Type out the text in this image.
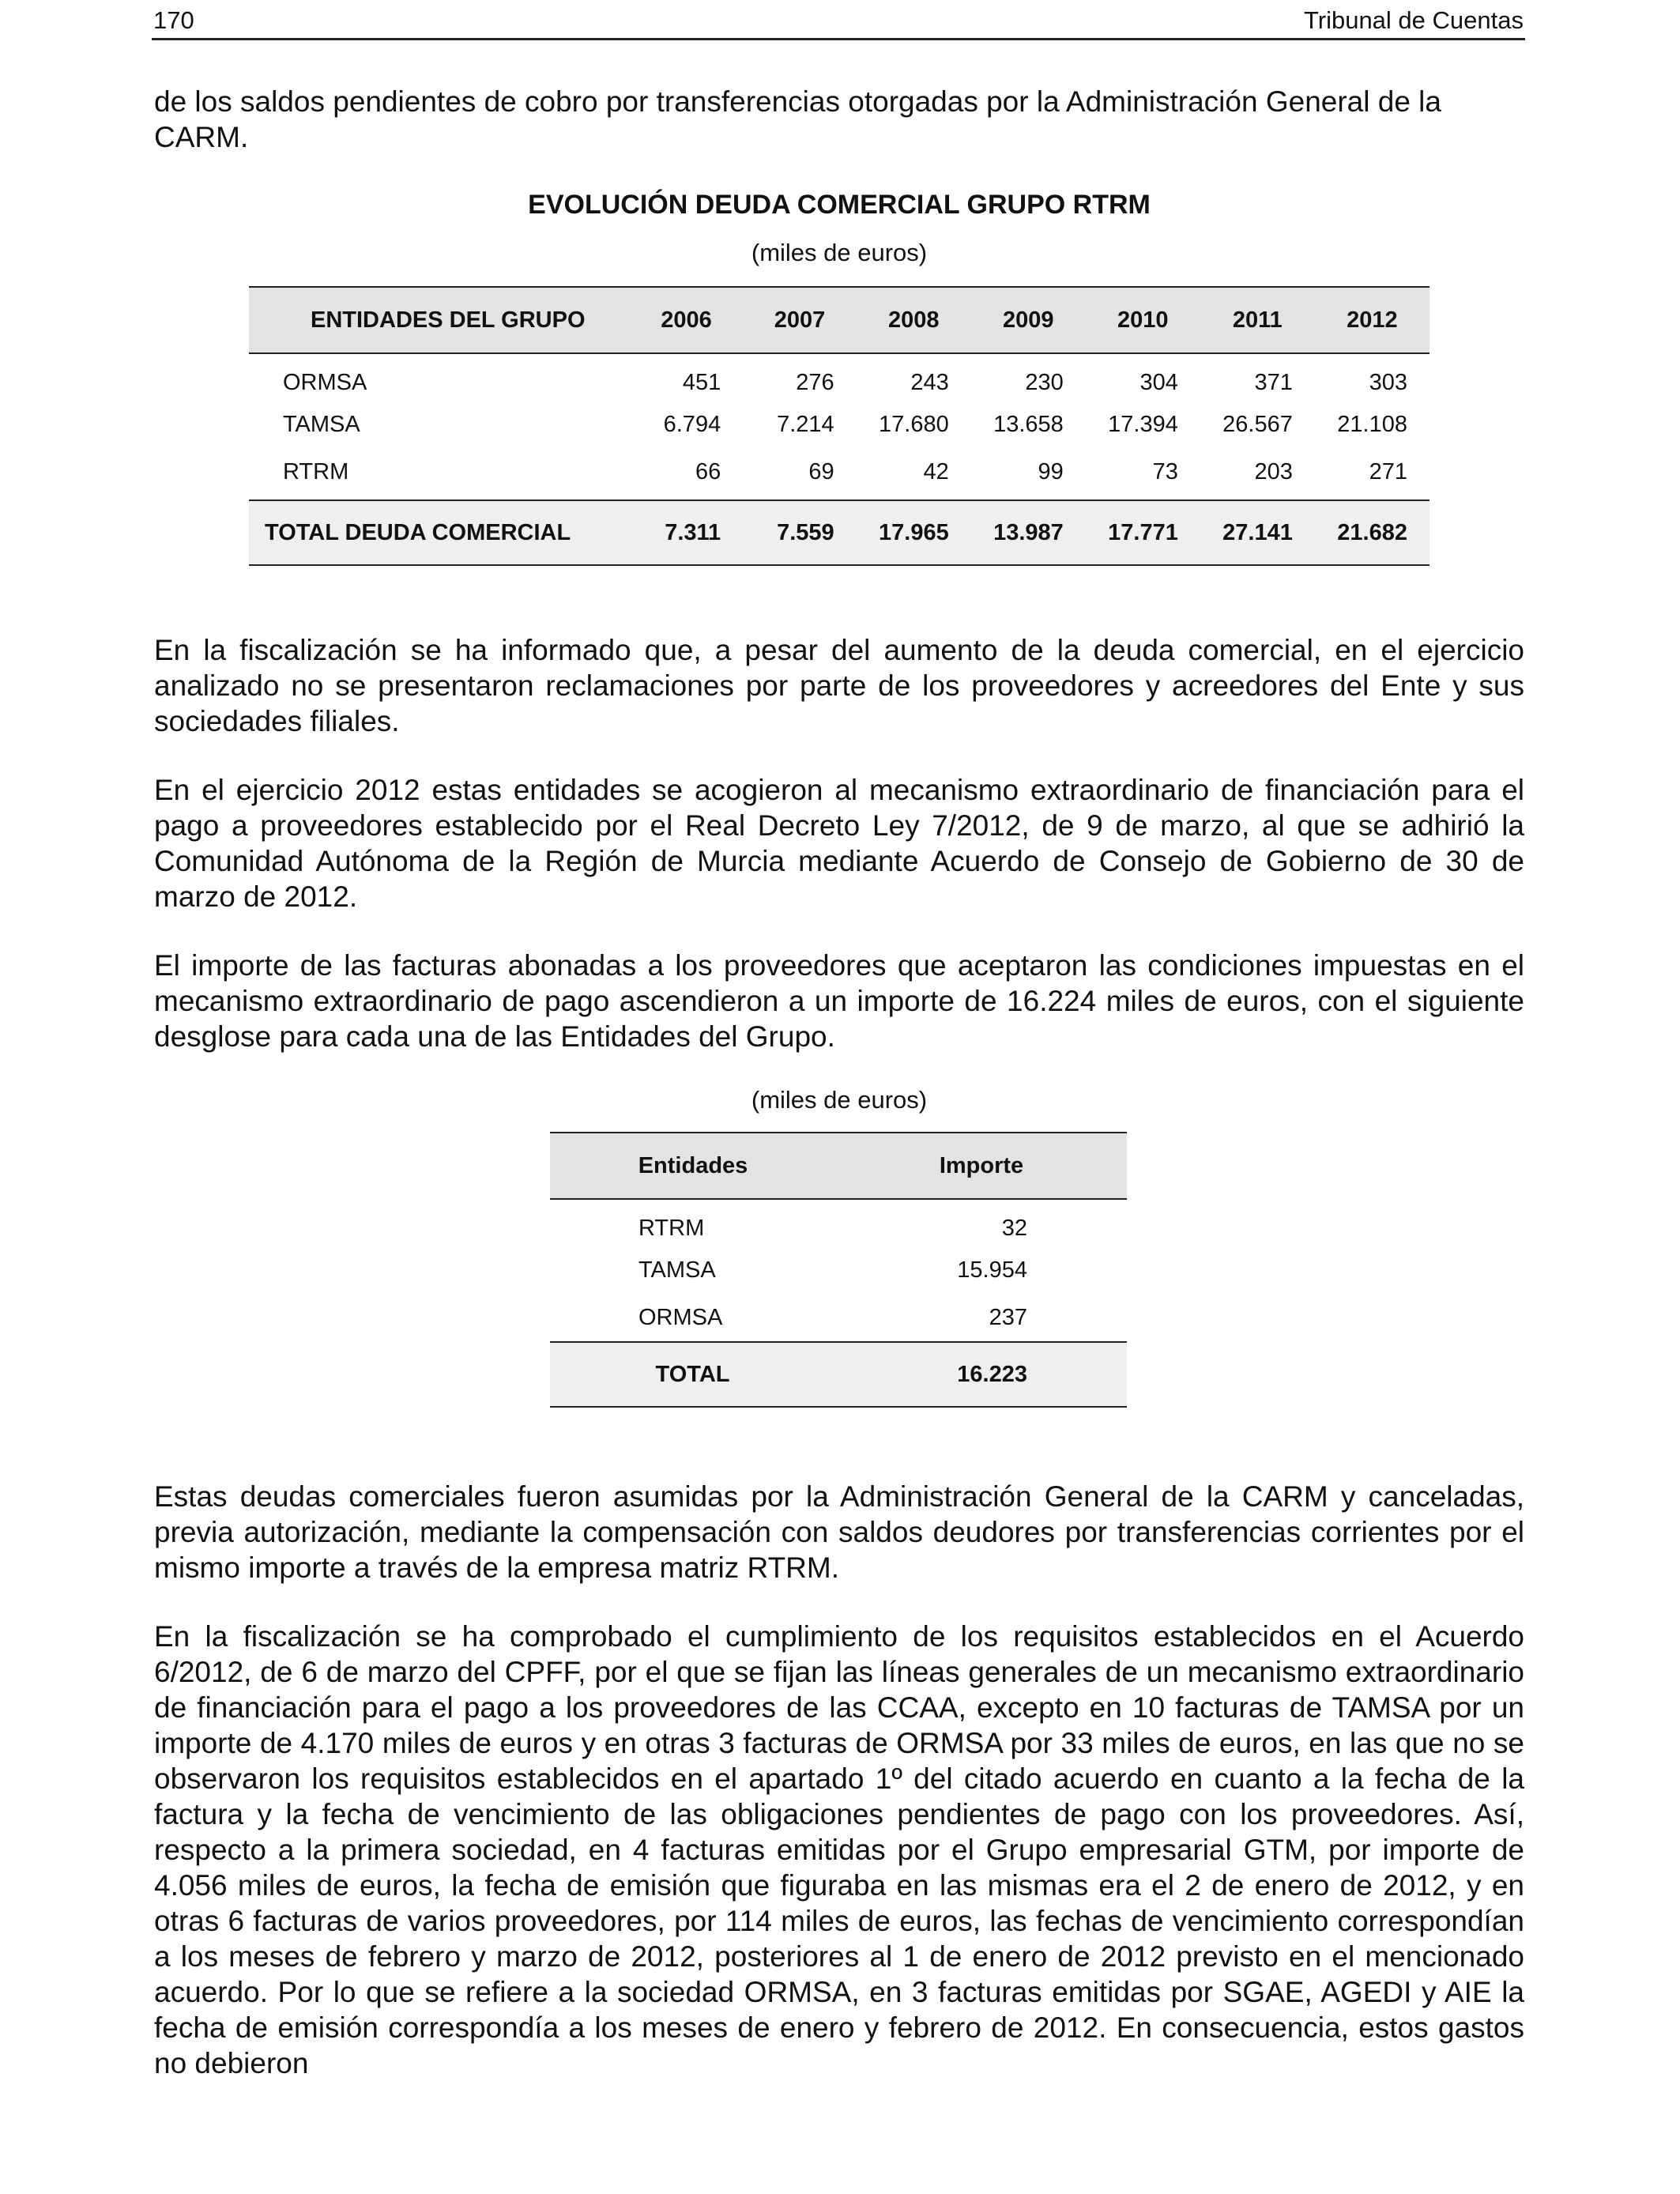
170	Tribunal de Cuentas

de los saldos pendientes de cobro por transferencias otorgadas por la Administración General de la CARM.

EVOLUCIÓN DEUDA COMERCIAL GRUPO RTRM
(miles de euros)
ENTIDADES DEL GRUPO	2006	2007	2008	2009	2010	2011	2012
ORMSA	451	276	243	230	304	371	303
TAMSA	6.794	7.214	17.680	13.658	17.394	26.567	21.108
RTRM	66	69	42	99	73	203	271
TOTAL DEUDA COMERCIAL	7.311	7.559	17.965	13.987	17.771	27.141	21.682

En la fiscalización se ha informado que, a pesar del aumento de la deuda comercial, en el ejercicio analizado no se presentaron reclamaciones por parte de los proveedores y acreedores del Ente y sus sociedades filiales.

En el ejercicio 2012 estas entidades se acogieron al mecanismo extraordinario de financiación para el pago a proveedores establecido por el Real Decreto Ley 7/2012, de 9 de marzo, al que se adhirió la Comunidad Autónoma de la Región de Murcia mediante Acuerdo de Consejo de Gobierno de 30 de marzo de 2012.

El importe de las facturas abonadas a los proveedores que aceptaron las condiciones impuestas en el mecanismo extraordinario de pago ascendieron a un importe de 16.224 miles de euros, con el siguiente desglose para cada una de las Entidades del Grupo.

(miles de euros)
Entidades	Importe
RTRM	32
TAMSA	15.954
ORMSA	237
TOTAL	16.223

Estas deudas comerciales fueron asumidas por la Administración General de la CARM y canceladas, previa autorización, mediante la compensación con saldos deudores por transferencias corrientes por el mismo importe a través de la empresa matriz RTRM.

En la fiscalización se ha comprobado el cumplimiento de los requisitos establecidos en el Acuerdo 6/2012, de 6 de marzo del CPFF, por el que se fijan las líneas generales de un mecanismo extraordinario de financiación para el pago a los proveedores de las CCAA, excepto en 10 facturas de TAMSA por un importe de 4.170 miles de euros y en otras 3 facturas de ORMSA por 33 miles de euros, en las que no se observaron los requisitos establecidos en el apartado 1º del citado acuerdo en cuanto a la fecha de la factura y la fecha de vencimiento de las obligaciones pendientes de pago con los proveedores. Así, respecto a la primera sociedad, en 4 facturas emitidas por el Grupo empresarial GTM, por importe de 4.056 miles de euros, la fecha de emisión que figuraba en las mismas era el 2 de enero de 2012, y en otras 6 facturas de varios proveedores, por 114 miles de euros, las fechas de vencimiento correspondían a los meses de febrero y marzo de 2012, posteriores al 1 de enero de 2012 previsto en el mencionado acuerdo. Por lo que se refiere a la sociedad ORMSA, en 3 facturas emitidas por SGAE, AGEDI y AIE la fecha de emisión correspondía a los meses de enero y febrero de 2012. En consecuencia, estos gastos no debieron
